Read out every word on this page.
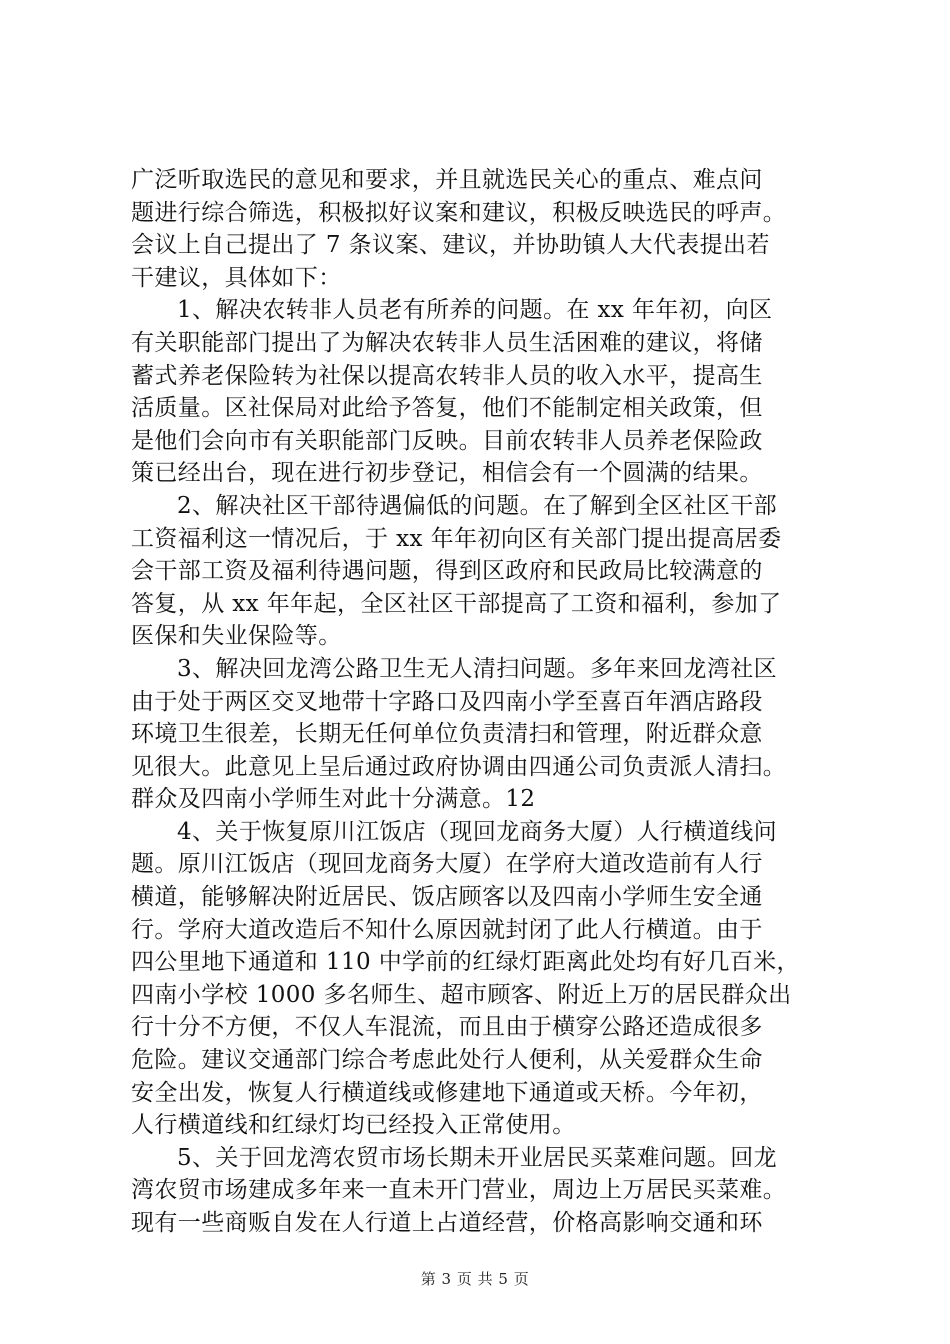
广泛听取选民的意见和要求，并且就选民关心的重点、难点问
题进行综合筛选，积极拟好议案和建议，积极反映选民的呼声。
会议上自己提出了 7 条议案、建议，并协助镇人大代表提出若
干建议，具体如下：
1、解决农转非人员老有所养的问题。在 xx 年年初，向区
有关职能部门提出了为解决农转非人员生活困难的建议，将储
蓄式养老保险转为社保以提高农转非人员的收入水平，提高生
活质量。区社保局对此给予答复，他们不能制定相关政策，但
是他们会向市有关职能部门反映。目前农转非人员养老保险政
策已经出台，现在进行初步登记，相信会有一个圆满的结果。
2、解决社区干部待遇偏低的问题。在了解到全区社区干部
工资福利这一情况后，于 xx 年年初向区有关部门提出提高居委
会干部工资及福利待遇问题，得到区政府和民政局比较满意的
答复，从 xx 年年起，全区社区干部提高了工资和福利，参加了
医保和失业保险等。
3、解决回龙湾公路卫生无人清扫问题。多年来回龙湾社区
由于处于两区交叉地带十字路口及四南小学至喜百年酒店路段
环境卫生很差，长期无任何单位负责清扫和管理，附近群众意
见很大。此意见上呈后通过政府协调由四通公司负责派人清扫。
群众及四南小学师生对此十分满意。12
4、关于恢复原川江饭店（现回龙商务大厦）人行横道线问
题。原川江饭店（现回龙商务大厦）在学府大道改造前有人行
横道，能够解决附近居民、饭店顾客以及四南小学师生安全通
行。学府大道改造后不知什么原因就封闭了此人行横道。由于
四公里地下通道和 110 中学前的红绿灯距离此处均有好几百米，
四南小学校 1000 多名师生、超市顾客、附近上万的居民群众出
行十分不方便，不仅人车混流，而且由于横穿公路还造成很多
危险。建议交通部门综合考虑此处行人便利，从关爱群众生命
安全出发，恢复人行横道线或修建地下通道或天桥。今年初，
人行横道线和红绿灯均已经投入正常使用。
5、关于回龙湾农贸市场长期未开业居民买菜难问题。回龙
湾农贸市场建成多年来一直未开门营业，周边上万居民买菜难。
现有一些商贩自发在人行道上占道经营，价格高影响交通和环
第 3 页 共 5 页
